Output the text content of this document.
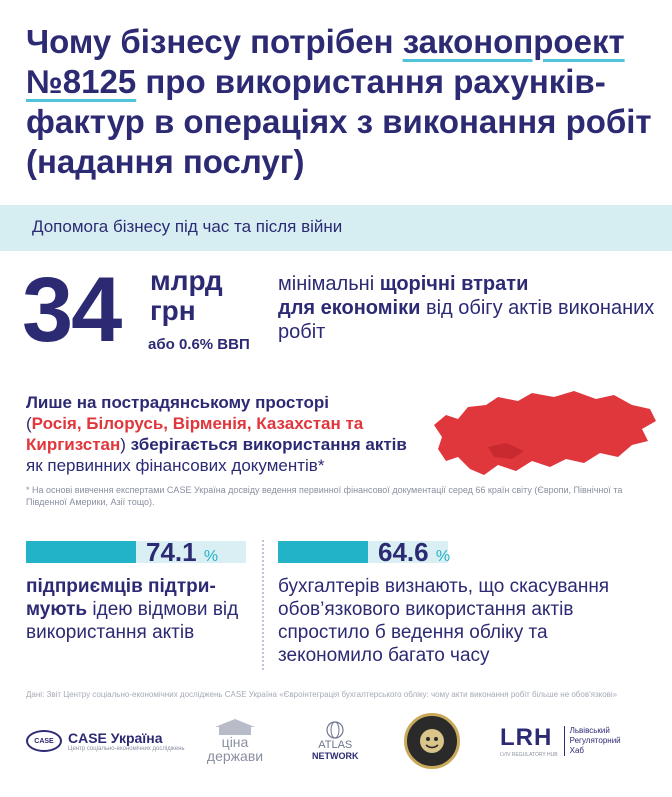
Чому бізнесу потрібен законопроект
№8125 про використання рахунків-фактур в операціях з виконання робіт (надання послуг)
Допомога бізнесу під час та після війни
34 млрд
грн
або 0.6% ВВП
мінімальні щорічні втрати
для економіки від обігу актів виконаних робіт
Лише на пострадянському просторі
(Росія, Білорусь, Вірменія, Казахстан та Киргизстан) зберігається використання актів як первинних фінансових документів*
* На основі вивчення експертами CASE Україна досвіду ведення первинної фінансової документації серед 66 країн світу (Європи, Північної та Південної Америки, Азії тощо).
74.1 %
підприємців підтри-мують ідею відмови від використання актів
64.6 %
бухгалтерів визнають, що скасування обов’язкового використання актів спростило б ведення обліку та зекономило багато часу
Дані: Звіт Центру соціально-економічних досліджень CASE Україна «Євроінтеграція бухгалтерського обліку: чому акти виконання робіт більше не обов'язкові»
CASE	CASE Україна
Центр соціально-економічних досліджень	ціна
держави
ATLAS
NETWORK
LRH
LVIV REGULATORY HUB
Львівський
Регуляторний
Хаб
